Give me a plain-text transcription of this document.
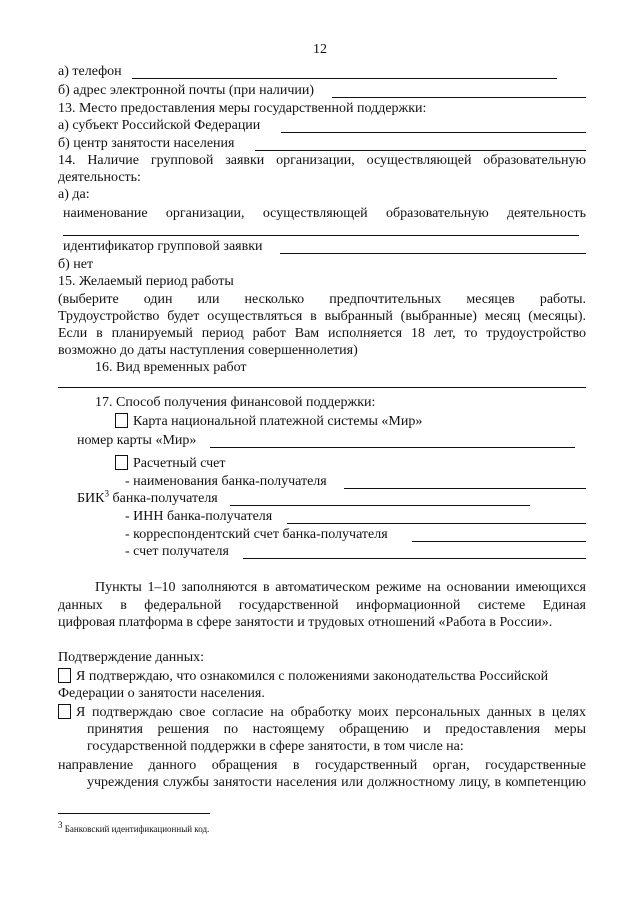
12
а) телефон
б) адрес электронной почты (при наличии)
13. Место предоставления меры государственной поддержки:
а) субъект Российской Федерации
б) центр занятости населения
14. Наличие групповой заявки организации, осуществляющей образовательную
деятельность:
а) да:
наименование организации, осуществляющей образовательную деятельность
идентификатор групповой заявки
б) нет
15. Желаемый период работы
(выберите один или несколько предпочтительных месяцев работы.
Трудоустройство будет осуществляться в выбранный (выбранные) месяц (месяцы).
Если в планируемый период работ Вам исполняется 18 лет, то трудоустройство
возможно до даты наступления совершеннолетия)
16. Вид временных работ
17. Способ получения финансовой поддержки:
Карта национальной платежной системы «Мир»
номер карты «Мир»
Расчетный счет
- наименования банка-получателя
БИК$^3$ банка-получателя
- ИНН банка-получателя
- корреспондентский счет банка-получателя
- счет получателя
Пункты 1–10 заполняются в автоматическом режиме на основании имеющихся
данных в федеральной государственной информационной системе Единая
цифровая платформа в сфере занятости и трудовых отношений «Работа в России».
Подтверждение данных:
Я подтверждаю, что ознакомился с положениями законодательства Российской
Федерации о занятости населения.
Я подтверждаю свое согласие на обработку моих персональных данных в целях
принятия решения по настоящему обращению и предоставления меры
государственной поддержки в сфере занятости, в том числе на:
направление данного обращения в государственный орган, государственные
учреждения службы занятости населения или должностному лицу, в компетенцию
$^3$ Банковский идентификационный код.
